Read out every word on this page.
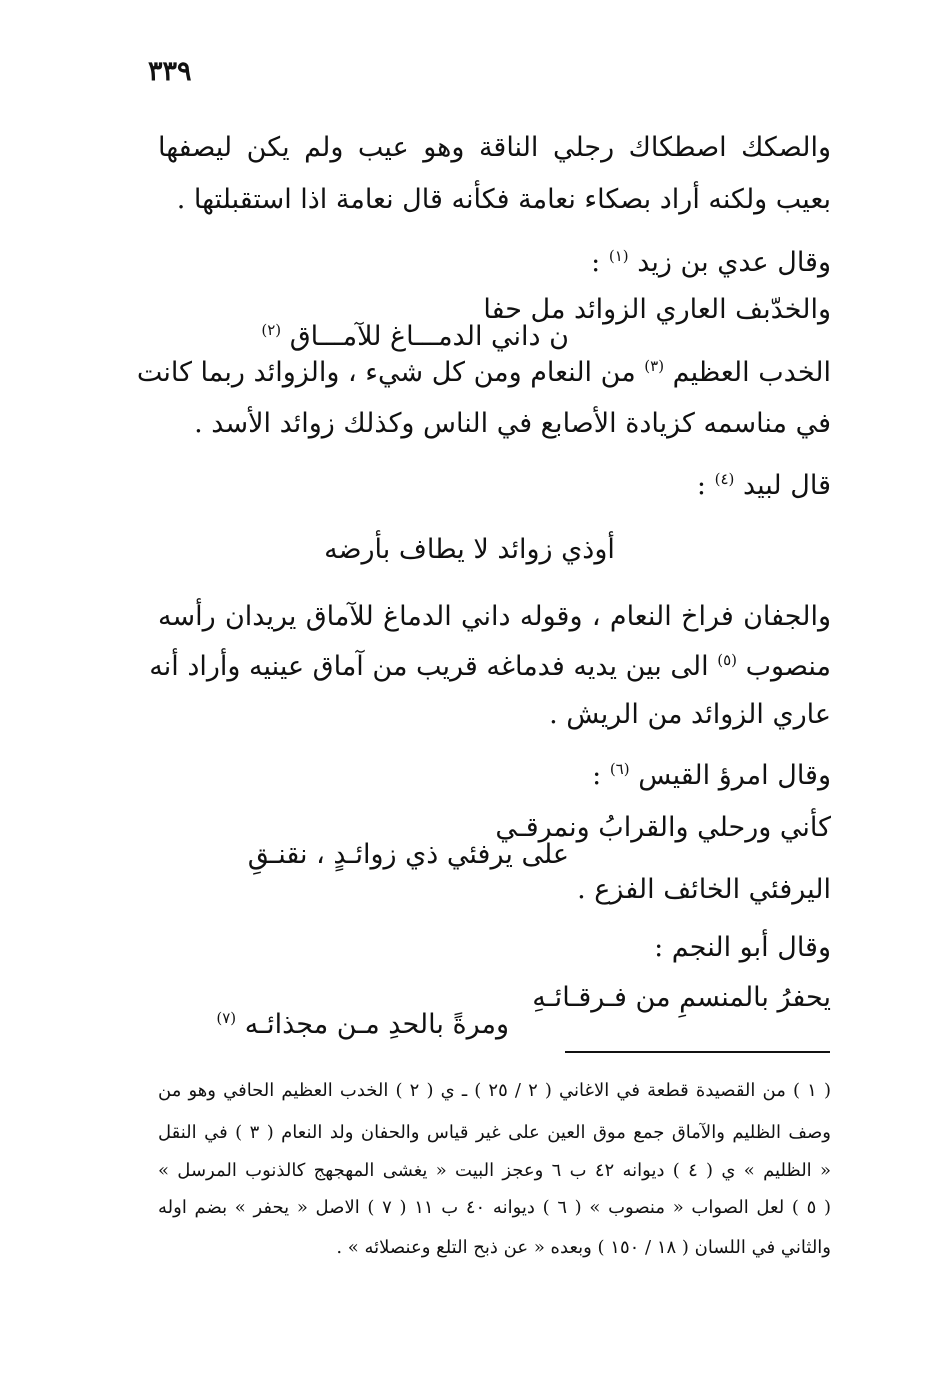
٣٣٩

والصكك اصطكاك رجلي الناقة وهو عيب ولم يكن ليصفها

بعيب ولكنه أراد بصكاء نعامة فكأنه قال نعامة اذا استقبلتها .

وقال عدي بن زيد $^{(١)}$ :

والخدّبف العاري الزوائد مل حفا

ن داني الدمـــاغ للآمـــاق $^{(٢)}$

الخدب العظيم $^{(٣)}$ من النعام ومن كل شيء ، والزوائد ربما كانت

في مناسمه كزيادة الأصابع في الناس وكذلك زوائد الأسد .

قال لبيد $^{(٤)}$ :

أوذي زوائد لا يطاف بأرضه

والجفان فراخ النعام ، وقوله داني الدماغ للآماق يريدان رأسه

منصوب $^{(٥)}$ الى بين يديه فدماغه قريب من آماق عينيه وأراد أنه

عاري الزوائد من الريش .

وقال امرؤ القيس $^{(٦)}$ :

كأني ورحلي والقرابُ ونمرقـي

على يرفئي ذي زوائـدٍ ، نقنـقِ

اليرفئي الخائف الفزع .

وقال أبو النجم :

يحفرُ بالمنسمِ من فـرقـائـهِ

ومرةً بالحدِ مـن مجذائـه $^{(٧)}$

( ١ ) من القصيدة قطعة في الاغاني ( ٢ / ٢٥ ) ـ ي ( ٢ ) الخدب العظيم الحافي وهو من

وصف الظليم والآماق جمع موق العين على غير قياس والحفان ولد النعام ( ٣ ) في النقل

« الظليم » ي ( ٤ ) ديوانه ٤٢ ب ٦ وعجز البيت « يغشى المهجهج كالذنوب المرسل »

( ٥ ) لعل الصواب « منصوب » ( ٦ ) ديوانه ٤٠ ب ١١ ( ٧ ) الاصل « يحفر » بضم اوله

والثاني في اللسان ( ١٨ / ١٥٠ ) وبعده « عن ذبح التلع وعنصلائه » .
